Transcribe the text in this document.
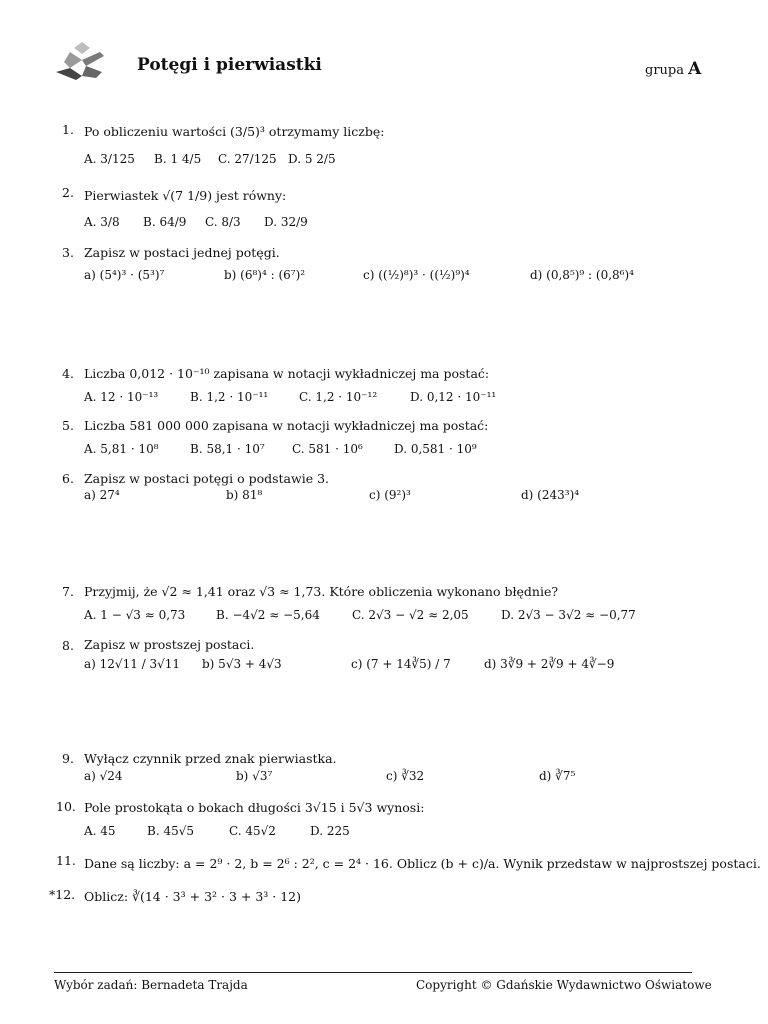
Potęgi i pierwiastki	grupa A
1. Po obliczeniu wartości (3/5)³ otrzymamy liczbę:
A. 3/125 B. 1 4/5 C. 27/125 D. 5 2/5
2. Pierwiastek √(7 1/9) jest równy:
A. 3/8 B. 64/9 C. 8/3 D. 32/9
3. Zapisz w postaci jednej potęgi.
a) (5⁴)³ · (5³)⁷	b) (6⁸)⁴ : (6⁷)²	c) ((½)⁸)³ · ((½)⁹)⁴	d) (0,8⁵)⁹ : (0,8⁶)⁴
4. Liczba 0,012 · 10⁻¹⁰ zapisana w notacji wykładniczej ma postać:
A. 12 · 10⁻¹³	B. 1,2 · 10⁻¹¹	C. 1,2 · 10⁻¹²	D. 0,12 · 10⁻¹¹
5. Liczba 581 000 000 zapisana w notacji wykładniczej ma postać:
A. 5,81 · 10⁸	B. 58,1 · 10⁷ C. 581 · 10⁶	D. 0,581 · 10⁹
6. Zapisz w postaci potęgi o podstawie 3.
a) 27⁴	b) 81⁸	c) (9²)³	d) (243³)⁴
7. Przyjmij, że √2 ≈ 1,41 oraz √3 ≈ 1,73. Które obliczenia wykonano błędnie?
A. 1 − √3 ≈ 0,73	B. −4√2 ≈ −5,64	C. 2√3 − √2 ≈ 2,05	D. 2√3 − 3√2 ≈ −0,77
8. Zapisz w prostszej postaci.
a) 12√11 / 3√11 b) 5√3 + 4√3	c) (7 + 14∛5) / 7	d) 3∛9 + 2∛9 + 4∛−9
9. Wyłącz czynnik przed znak pierwiastka.
a) √24	b) √3⁷	c) ∛32	d) ∛7⁵
10. Pole prostokąta o bokach długości 3√15 i 5√3 wynosi:
A. 45	B. 45√5	C. 45√2	D. 225
11. Dane są liczby: a = 2⁹ · 2, b = 2⁶ : 2², c = 2⁴ · 16. Oblicz (b + c)/a. Wynik przedstaw w najprostszej postaci.
*12. Oblicz: ∛(14 · 3³ + 3² · 3 + 3³ · 12)
Wybór zadań: Bernadeta Trajda	Copyright © Gdańskie Wydawnictwo Oświatowe
